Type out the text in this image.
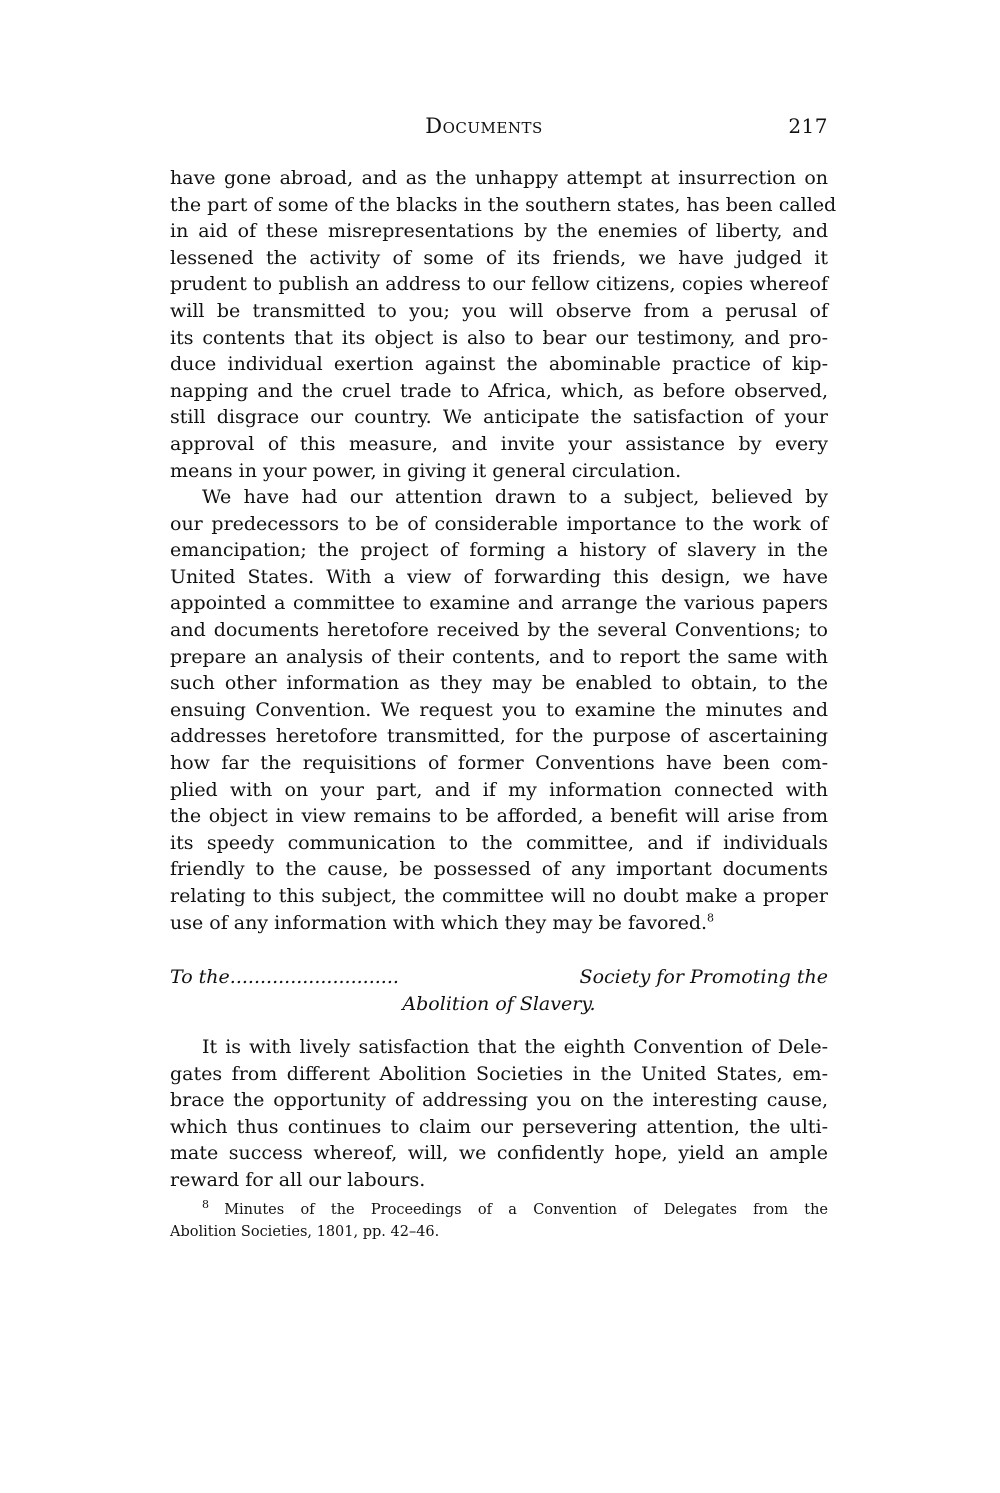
Documents	217
have gone abroad, and as the unhappy attempt at insurrection on
the part of some of the blacks in the southern states, has been called
in aid of these misrepresentations by the enemies of liberty, and
lessened the activity of some of its friends, we have judged it
prudent to publish an address to our fellow citizens, copies whereof
will be transmitted to you; you will observe from a perusal of
its contents that its object is also to bear our testimony, and pro-
duce individual exertion against the abominable practice of kip-
napping and the cruel trade to Africa, which, as before observed,
still disgrace our country. We anticipate the satisfaction of your
approval of this measure, and invite your assistance by every
means in your power, in giving it general circulation.
We have had our attention drawn to a subject, believed by
our predecessors to be of considerable importance to the work of
emancipation; the project of forming a history of slavery in the
United States. With a view of forwarding this design, we have
appointed a committee to examine and arrange the various papers
and documents heretofore received by the several Conventions; to
prepare an analysis of their contents, and to report the same with
such other information as they may be enabled to obtain, to the
ensuing Convention. We request you to examine the minutes and
addresses heretofore transmitted, for the purpose of ascertaining
how far the requisitions of former Conventions have been com-
plied with on your part, and if my information connected with
the object in view remains to be afforded, a benefit will arise from
its speedy communication to the committee, and if individuals
friendly to the cause, be possessed of any important documents
relating to this subject, the committee will no doubt make a proper
use of any information with which they may be favored.$^8$
To the............................	Society for Promoting the
Abolition of Slavery.
It is with lively satisfaction that the eighth Convention of Dele-
gates from different Abolition Societies in the United States, em-
brace the opportunity of addressing you on the interesting cause,
which thus continues to claim our persevering attention, the ulti-
mate success whereof, will, we confidently hope, yield an ample
reward for all our labours.
$^8$ Minutes of the Proceedings of a Convention of Delegates from the
Abolition Societies, 1801, pp. 42–46.
